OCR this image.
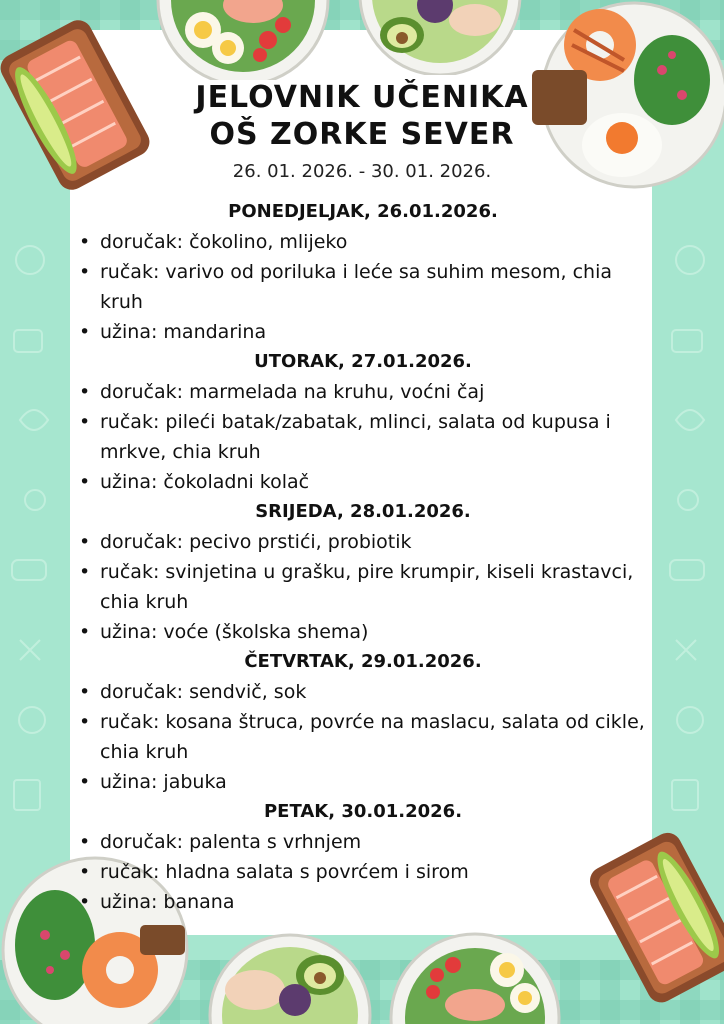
JELOVNIK UČENIKA
OŠ ZORKE SEVER
26. 01. 2026. - 30. 01. 2026.
PONEDJELJAK, 26.01.2026.
• doručak: čokolino, mlijeko
• ručak: varivo od poriluka i leće sa suhim mesom, chia kruh
• užina: mandarina
UTORAK, 27.01.2026.
• doručak: marmelada na kruhu, voćni čaj
• ručak: pileći batak/zabatak, mlinci, salata od kupusa i mrkve, chia kruh
• užina: čokoladni kolač
SRIJEDA, 28.01.2026.
• doručak: pecivo prstići, probiotik
• ručak: svinjetina u grašku, pire krumpir, kiseli krastavci, chia kruh
• užina: voće (školska shema)
ČETVRTAK, 29.01.2026.
• doručak: sendvič, sok
• ručak: kosana štruca, povrće na maslacu, salata od cikle, chia kruh
• užina: jabuka
PETAK, 30.01.2026.
• doručak: palenta s vrhnjem
• ručak: hladna salata s povrćem i sirom
• užina: banana
